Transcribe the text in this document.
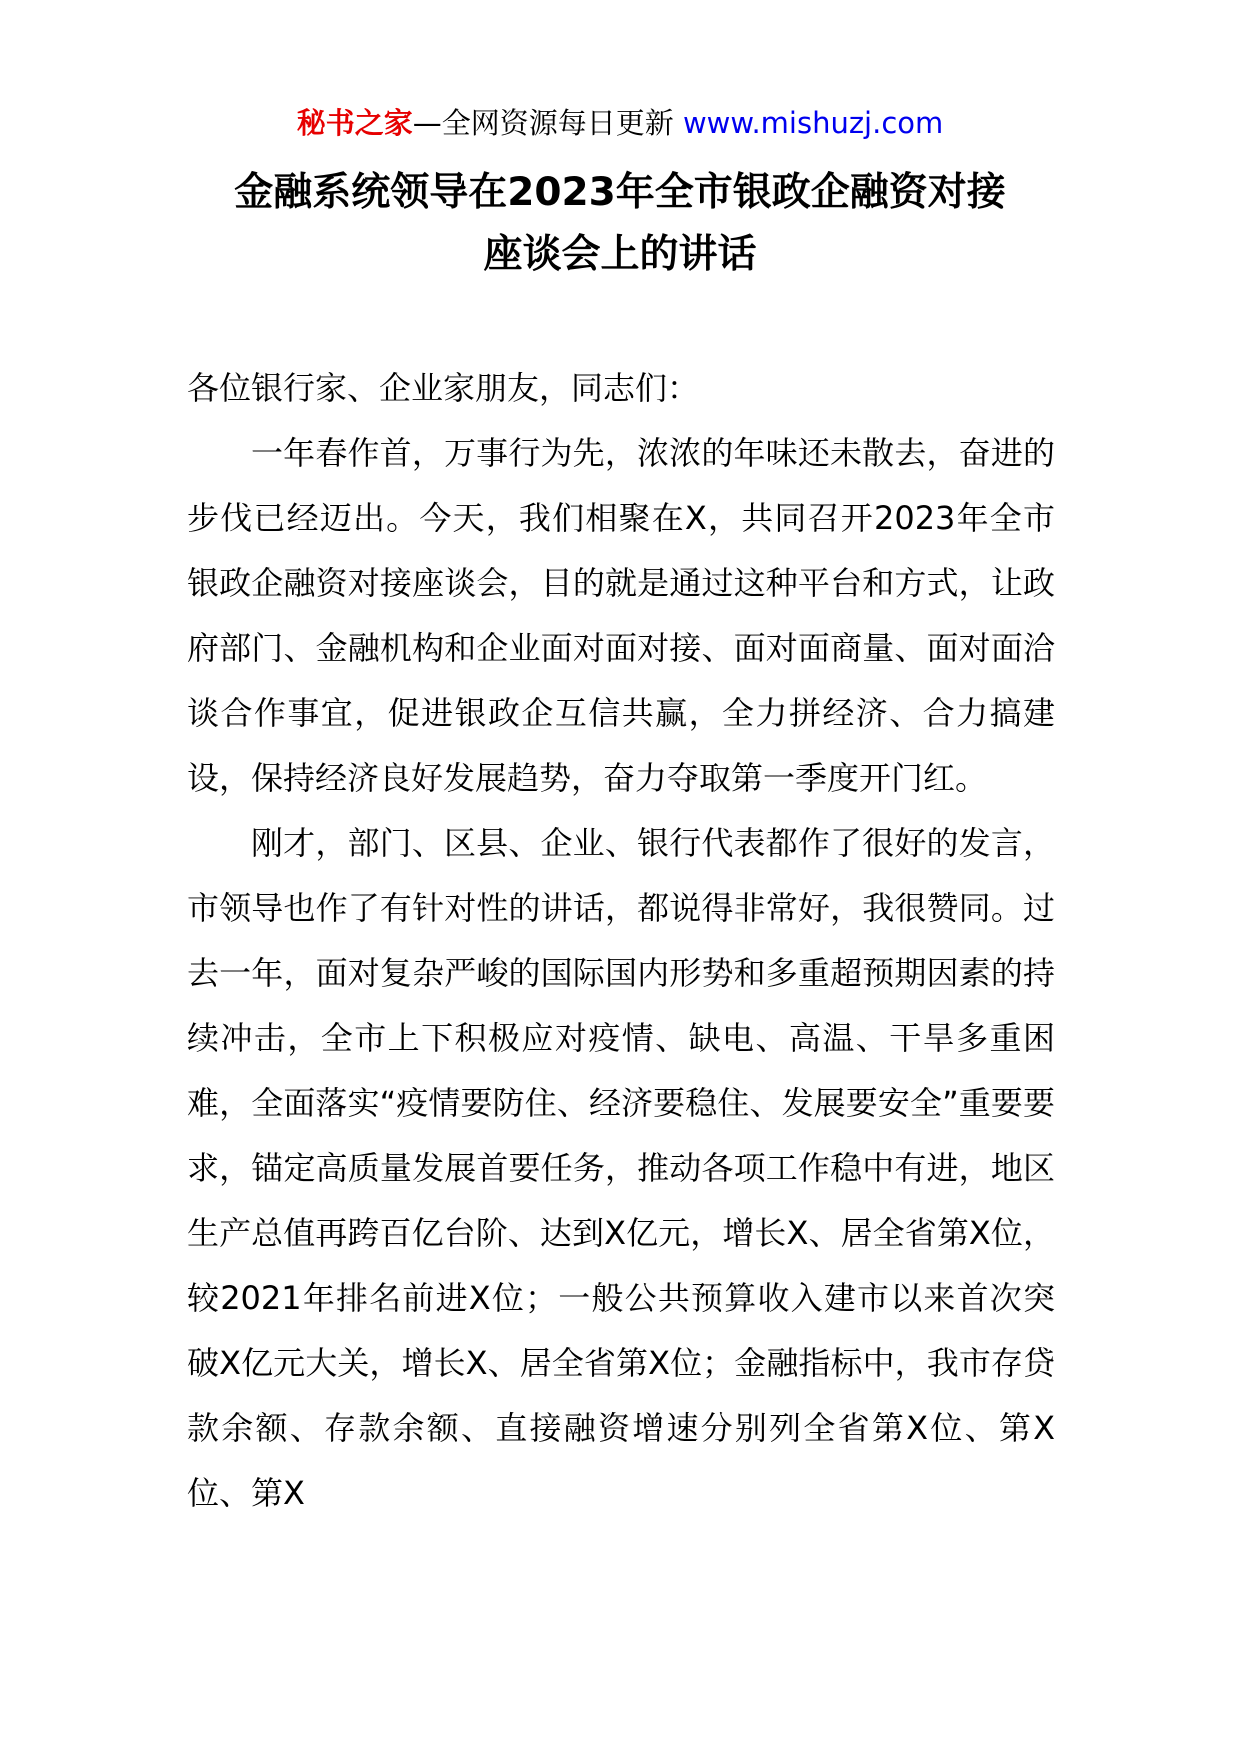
秘书之家—全网资源每日更新 www.mishuzj.com
金融系统领导在2023年全市银政企融资对接
座谈会上的讲话

各位银行家、企业家朋友，同志们：

一年春作首，万事行为先，浓浓的年味还未散去，奋进的步伐已经迈出。今天，我们相聚在X，共同召开2023年全市银政企融资对接座谈会，目的就是通过这种平台和方式，让政府部门、金融机构和企业面对面对接、面对面商量、面对面洽谈合作事宜，促进银政企互信共赢，全力拼经济、合力搞建设，保持经济良好发展趋势，奋力夺取第一季度开门红。

刚才，部门、区县、企业、银行代表都作了很好的发言，市领导也作了有针对性的讲话，都说得非常好，我很赞同。过去一年，面对复杂严峻的国际国内形势和多重超预期因素的持续冲击，全市上下积极应对疫情、缺电、高温、干旱多重困难，全面落实“疫情要防住、经济要稳住、发展要安全”重要要求，锚定高质量发展首要任务，推动各项工作稳中有进，地区生产总值再跨百亿台阶、达到X亿元，增长X、居全省第X位，较2021年排名前进X位；一般公共预算收入建市以来首次突破X亿元大关，增长X、居全省第X位；金融指标中，我市存贷款余额、存款余额、直接融资增速分别列全省第X位、第X位、第X
